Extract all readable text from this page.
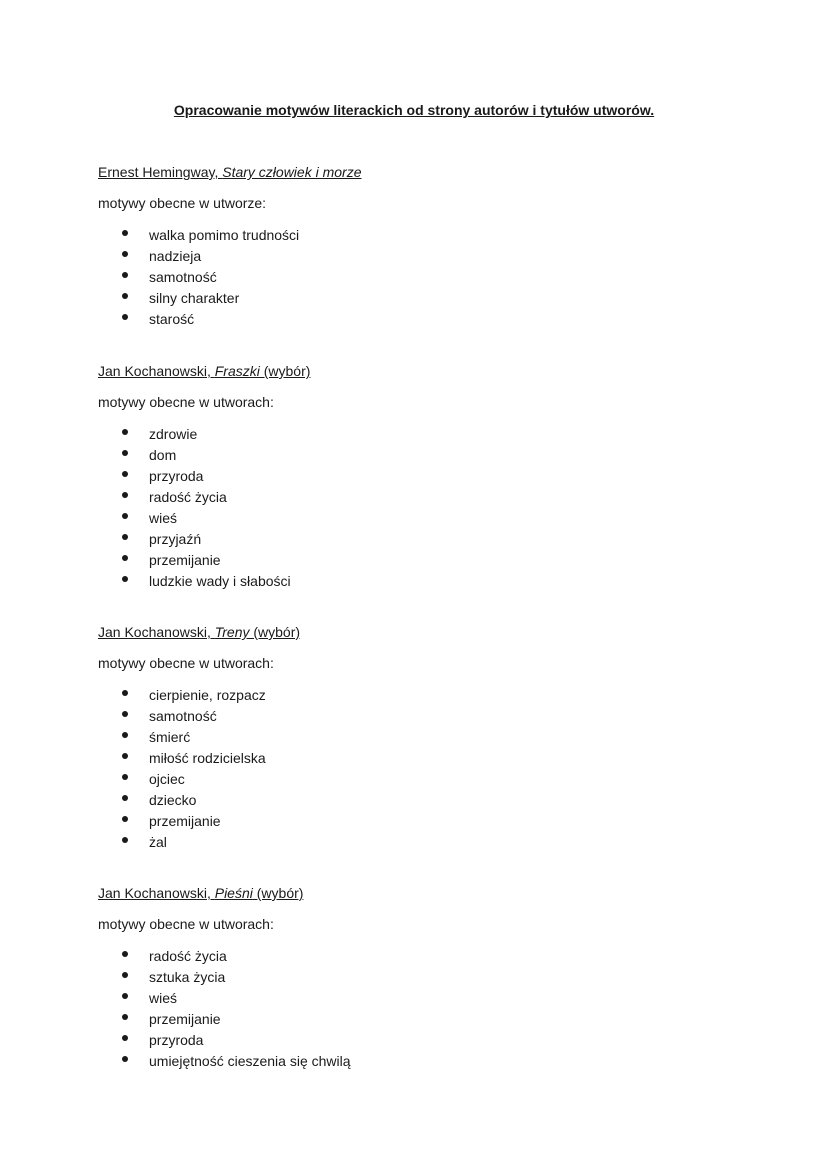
Opracowanie motywów literackich od strony autorów i tytułów utworów.
Ernest Hemingway, Stary człowiek i morze

motywy obecne w utworze:

walka pomimo trudności
nadzieja
samotność
silny charakter
starość
Jan Kochanowski, Fraszki (wybór)

motywy obecne w utworach:

zdrowie
dom
przyroda
radość życia
wieś
przyjaźń
przemijanie
ludzkie wady i słabości
Jan Kochanowski, Treny (wybór)

motywy obecne w utworach:

cierpienie, rozpacz
samotność
śmierć
miłość rodzicielska
ojciec
dziecko
przemijanie
żal
Jan Kochanowski, Pieśni (wybór)

motywy obecne w utworach:

radość życia
sztuka życia
wieś
przemijanie
przyroda
umiejętność cieszenia się chwilą
